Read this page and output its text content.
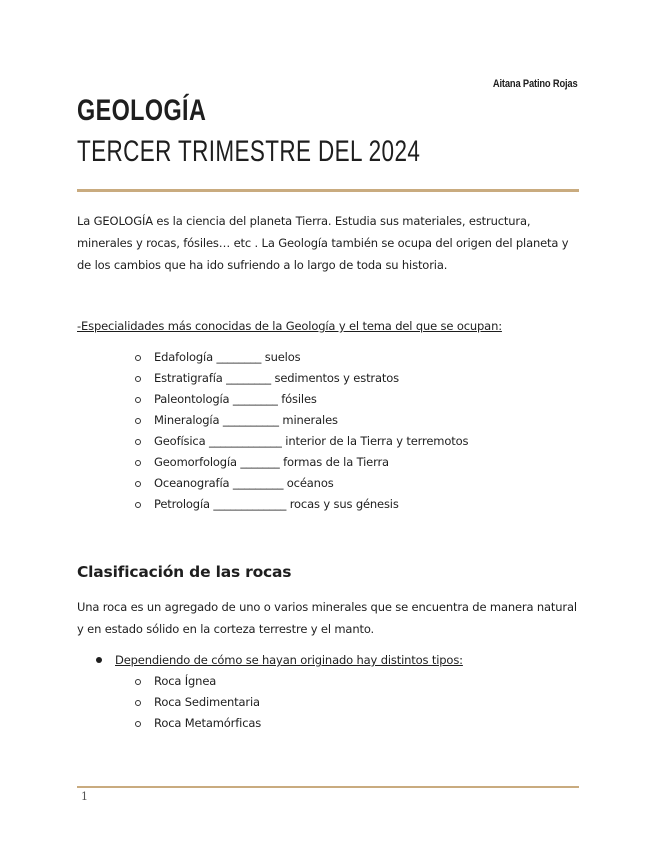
Aitana Patino Rojas
GEOLOGÍA
TERCER TRIMESTRE DEL 2024

La GEOLOGÍA es la ciencia del planeta Tierra. Estudia sus materiales, estructura, minerales y rocas, fósiles… etc . La Geología también se ocupa del origen del planeta y de los cambios que ha ido sufriendo a lo largo de toda su historia.

-Especialidades más conocidas de la Geología y el tema del que se ocupan:
Edafología ________ suelos
Estratigrafía ________ sedimentos y estratos
Paleontología ________ fósiles
Mineralogía __________ minerales
Geofísica _____________ interior de la Tierra y terremotos
Geomorfología _______ formas de la Tierra
Oceanografía _________ océanos
Petrología _____________ rocas y sus génesis
Clasificación de las rocas

Una roca es un agregado de uno o varios minerales que se encuentra de manera natural y en estado sólido en la corteza terrestre y el manto.

Dependiendo de cómo se hayan originado hay distintos tipos:
Roca Ígnea
Roca Sedimentaria
Roca Metamórficas
1
